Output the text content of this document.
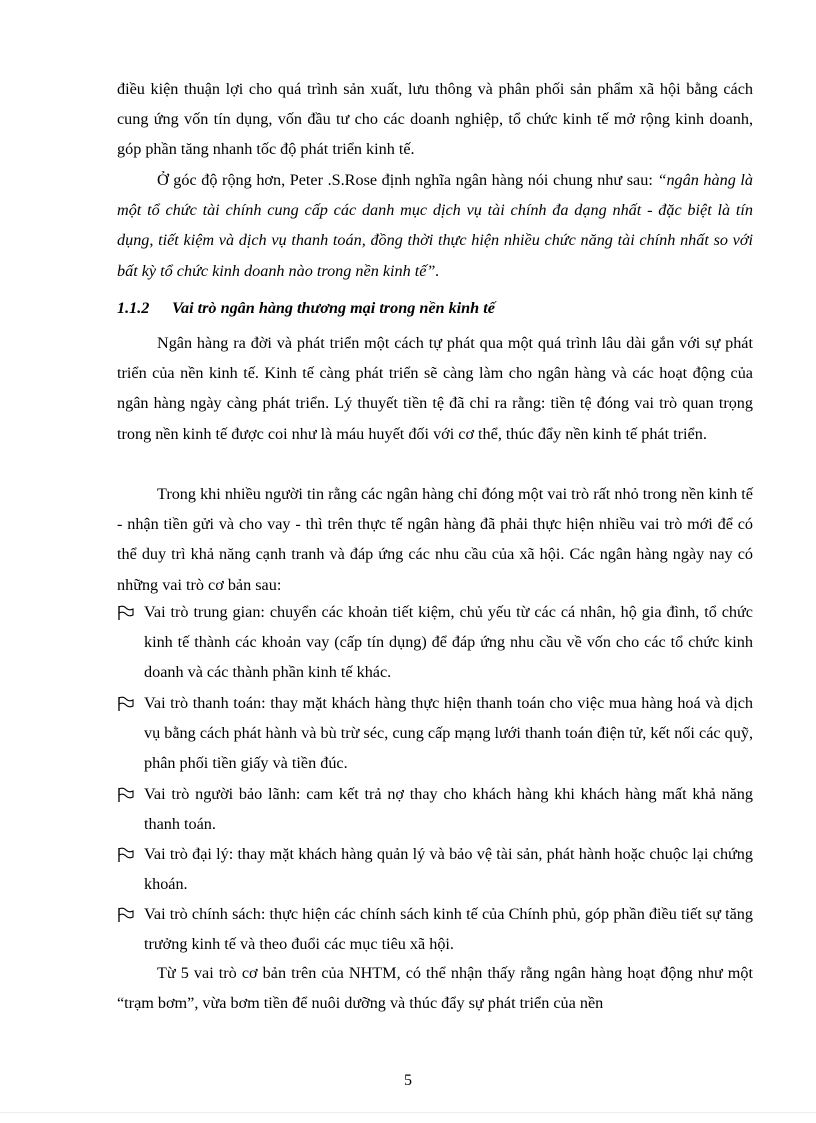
điều kiện thuận lợi cho quá trình sản xuất, lưu thông và phân phối sản phẩm xã hội bằng cách cung ứng vốn tín dụng, vốn đầu tư cho các doanh nghiệp, tổ chức kinh tế mở rộng kinh doanh, góp phần tăng nhanh tốc độ phát triển kinh tế.

Ở góc độ rộng hơn, Peter .S.Rose định nghĩa ngân hàng nói chung như sau: “ngân hàng là một tổ chức tài chính cung cấp các danh mục dịch vụ tài chính đa dạng nhất - đặc biệt là tín dụng, tiết kiệm và dịch vụ thanh toán, đồng thời thực hiện nhiều chức năng tài chính nhất so với bất kỳ tổ chức kinh doanh nào trong nền kinh tế”.

1.1.2 Vai trò ngân hàng thương mại trong nền kinh tế

Ngân hàng ra đời và phát triển một cách tự phát qua một quá trình lâu dài gắn với sự phát triển của nền kinh tế. Kinh tế càng phát triển sẽ càng làm cho ngân hàng và các hoạt động của ngân hàng ngày càng phát triển. Lý thuyết tiền tệ đã chỉ ra rằng: tiền tệ đóng vai trò quan trọng trong nền kinh tế được coi như là máu huyết đối với cơ thể, thúc đẩy nền kinh tế phát triển.

Trong khi nhiều người tin rằng các ngân hàng chỉ đóng một vai trò rất nhỏ trong nền kinh tế - nhận tiền gửi và cho vay - thì trên thực tế ngân hàng đã phải thực hiện nhiều vai trò mới để có thể duy trì khả năng cạnh tranh và đáp ứng các nhu cầu của xã hội. Các ngân hàng ngày nay có những vai trò cơ bản sau:

Vai trò trung gian: chuyển các khoản tiết kiệm, chủ yếu từ các cá nhân, hộ gia đình, tổ chức kinh tế thành các khoản vay (cấp tín dụng) để đáp ứng nhu cầu về vốn cho các tổ chức kinh doanh và các thành phần kinh tế khác.
Vai trò thanh toán: thay mặt khách hàng thực hiện thanh toán cho việc mua hàng hoá và dịch vụ bằng cách phát hành và bù trừ séc, cung cấp mạng lưới thanh toán điện tử, kết nối các quỹ, phân phối tiền giấy và tiền đúc.
Vai trò người bảo lãnh: cam kết trả nợ thay cho khách hàng khi khách hàng mất khả năng thanh toán.
Vai trò đại lý: thay mặt khách hàng quản lý và bảo vệ tài sản, phát hành hoặc chuộc lại chứng khoán.
Vai trò chính sách: thực hiện các chính sách kinh tế của Chính phủ, góp phần điều tiết sự tăng trưởng kinh tế và theo đuổi các mục tiêu xã hội.

Từ 5 vai trò cơ bản trên của NHTM, có thể nhận thấy rằng ngân hàng hoạt động như một “trạm bơm”, vừa bơm tiền để nuôi dưỡng và thúc đẩy sự phát triển của nền

5
